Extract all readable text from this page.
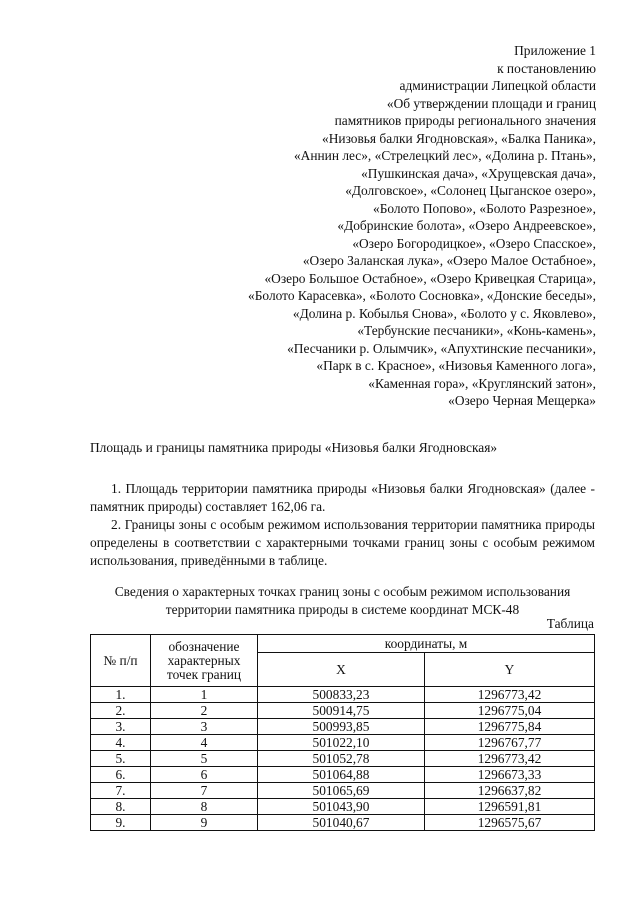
Приложение 1
к постановлению
администрации Липецкой области
«Об утверждении площади и границ
памятников природы регионального значения
«Низовья балки Ягодновская», «Балка Паника»,
«Аннин лес», «Стрелецкий лес», «Долина р. Птань»,
«Пушкинская дача», «Хрущевская дача»,
«Долговское», «Солонец Цыганское озеро»,
«Болото Попово», «Болото Разрезное»,
«Добринские болота», «Озеро Андреевское»,
«Озеро Богородицкое», «Озеро Спасское»,
«Озеро Заланская лука», «Озеро Малое Остабное»,
«Озеро Большое Остабное», «Озеро Кривецкая Старица»,
«Болото Карасевка», «Болото Сосновка», «Донские беседы»,
«Долина р. Кобылья Снова», «Болото у с. Яковлево»,
«Тербунские песчаники», «Конь-камень»,
«Песчаники р. Олымчик», «Апухтинские песчаники»,
«Парк в с. Красное», «Низовья Каменного лога»,
«Каменная гора», «Круглянский затон»,
«Озеро Черная Мещерка»
Площадь и границы памятника природы «Низовья балки Ягодновская»
1. Площадь территории памятника природы «Низовья балки Ягодновская» (далее - памятник природы) составляет 162,06 га.
2. Границы зоны с особым режимом использования территории памятника природы определены в соответствии с характерными точками границ зоны с особым режимом использования, приведёнными в таблице.
Сведения о характерных точках границ зоны с особым режимом использования
территории памятника природы в системе координат МСК-48
Таблица
№ п/п	обозначение характерных точек границ	координаты, м	
		X	Y
1.	1	500833,23	1296773,42
2.	2	500914,75	1296775,04
3.	3	500993,85	1296775,84
4.	4	501022,10	1296767,77
5.	5	501052,78	1296773,42
6.	6	501064,88	1296673,33
7.	7	501065,69	1296637,82
8.	8	501043,90	1296591,81
9.	9	501040,67	1296575,67
